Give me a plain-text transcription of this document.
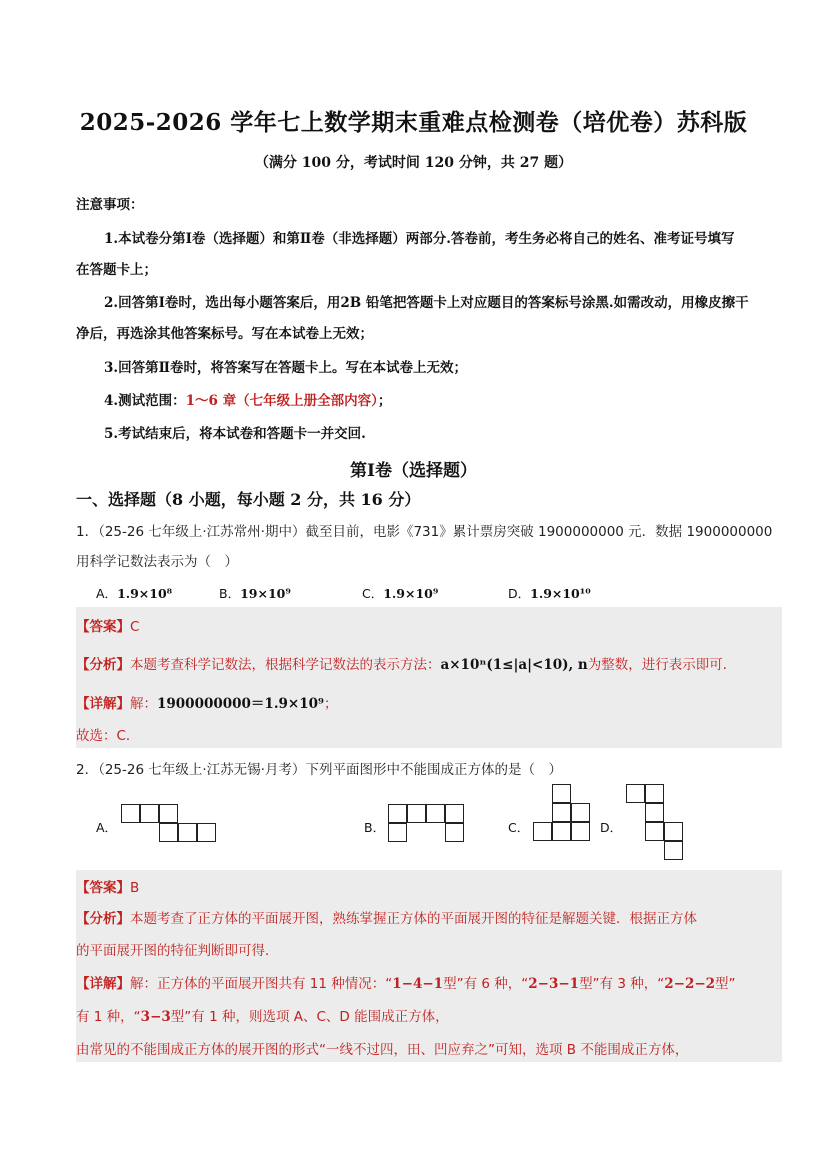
2025-2026 学年七上数学期末重难点检测卷（培优卷）苏科版
（满分 100 分，考试时间 120 分钟，共 27 题）
注意事项：
1.本试卷分第Ⅰ卷（选择题）和第Ⅱ卷（非选择题）两部分.答卷前，考生务必将自己的姓名、准考证号填写
在答题卡上；
2.回答第Ⅰ卷时，选出每小题答案后，用2B 铅笔把答题卡上对应题目的答案标号涂黑.如需改动，用橡皮擦干
净后，再选涂其他答案标号。写在本试卷上无效；
3.回答第Ⅱ卷时，将答案写在答题卡上。写在本试卷上无效；
4.测试范围：1～6 章（七年级上册全部内容）；
5.考试结束后，将本试卷和答题卡一并交回.
第Ⅰ卷（选择题）
一、选择题（8 小题，每小题 2 分，共 16 分）
1．（25-26 七年级上·江苏常州·期中）截至目前，电影《731》累计票房突破 1900000000 元．数据 1900000000
用科学记数法表示为（　）
A．1.9×10⁸	B．19×10⁹	C．1.9×10⁹	D．1.9×10¹⁰
【答案】C
【分析】本题考查科学记数法，根据科学记数法的表示方法：a×10ⁿ(1≤|a|<10), n为整数，进行表示即可．
【详解】解：1900000000＝1.9×10⁹；
故选：C．
2．（25-26 七年级上·江苏无锡·月考）下列平面图形中不能围成正方体的是（　）
A．	B．	C．	D．
【答案】B
【分析】本题考查了正方体的平面展开图，熟练掌握正方体的平面展开图的特征是解题关键．根据正方体
的平面展开图的特征判断即可得．
【详解】解：正方体的平面展开图共有 11 种情况：“1−4−1型”有 6 种，“2−3−1型”有 3 种，“2−2−2型”
有 1 种，“3−3型”有 1 种，则选项 A、C、D 能围成正方体，
由常见的不能围成正方体的展开图的形式“一线不过四，田、凹应弃之”可知，选项 B 不能围成正方体，
